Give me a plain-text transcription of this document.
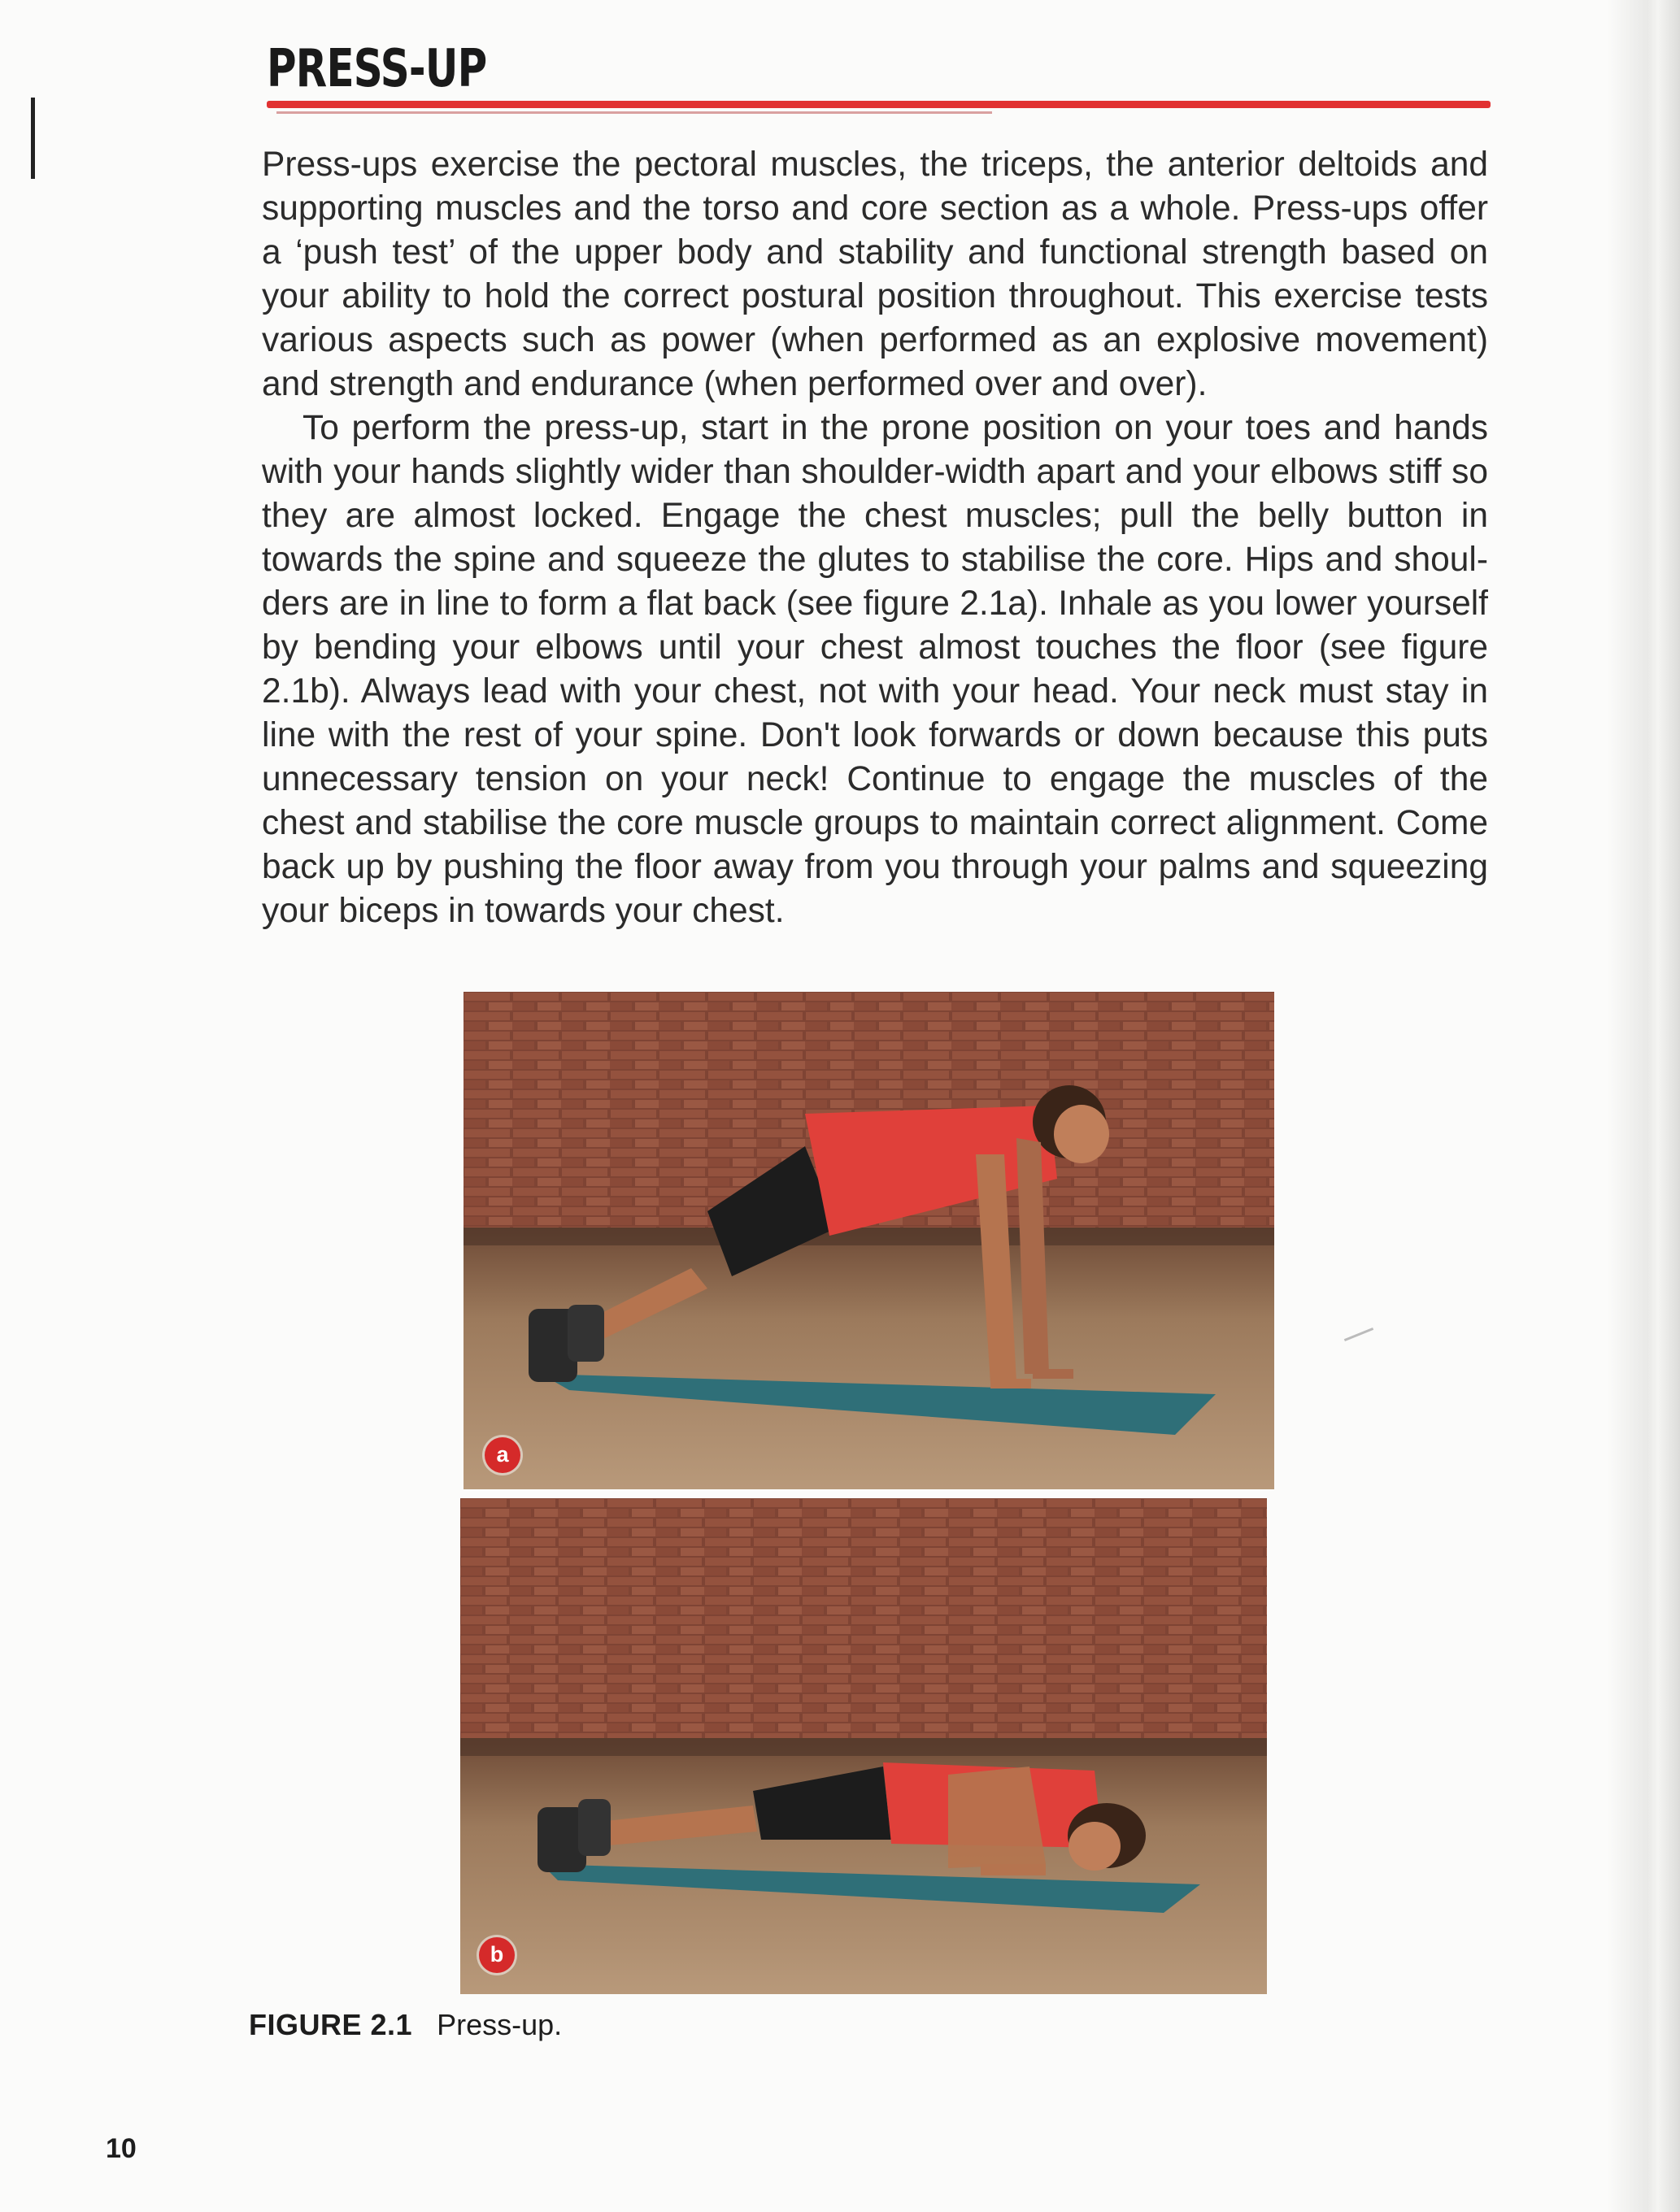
PRESS-UP

Press-ups exercise the pectoral muscles, the triceps, the anterior deltoids and supporting muscles and the torso and core section as a whole. Press-ups offer a ‘push test’ of the upper body and stability and functional strength based on your ability to hold the correct postural position throughout. This exercise tests various aspects such as power (when performed as an explosive movement) and strength and endurance (when performed over and over).

To perform the press-up, start in the prone position on your toes and hands with your hands slightly wider than shoulder-width apart and your elbows stiff so they are almost locked. Engage the chest muscles; pull the belly button in towards the spine and squeeze the glutes to stabilise the core. Hips and shoul-ders are in line to form a flat back (see figure 2.1a). Inhale as you lower yourself by bending your elbows until your chest almost touches the floor (see figure 2.1b). Always lead with your chest, not with your head. Your neck must stay in line with the rest of your spine. Don't look forwards or down because this puts unnecessary tension on your neck! Continue to engage the muscles of the chest and stabilise the core muscle groups to maintain correct alignment. Come back up by pushing the floor away from you through your palms and squeezing your biceps in towards your chest.

a
b
FIGURE 2.1 Press-up.
10
